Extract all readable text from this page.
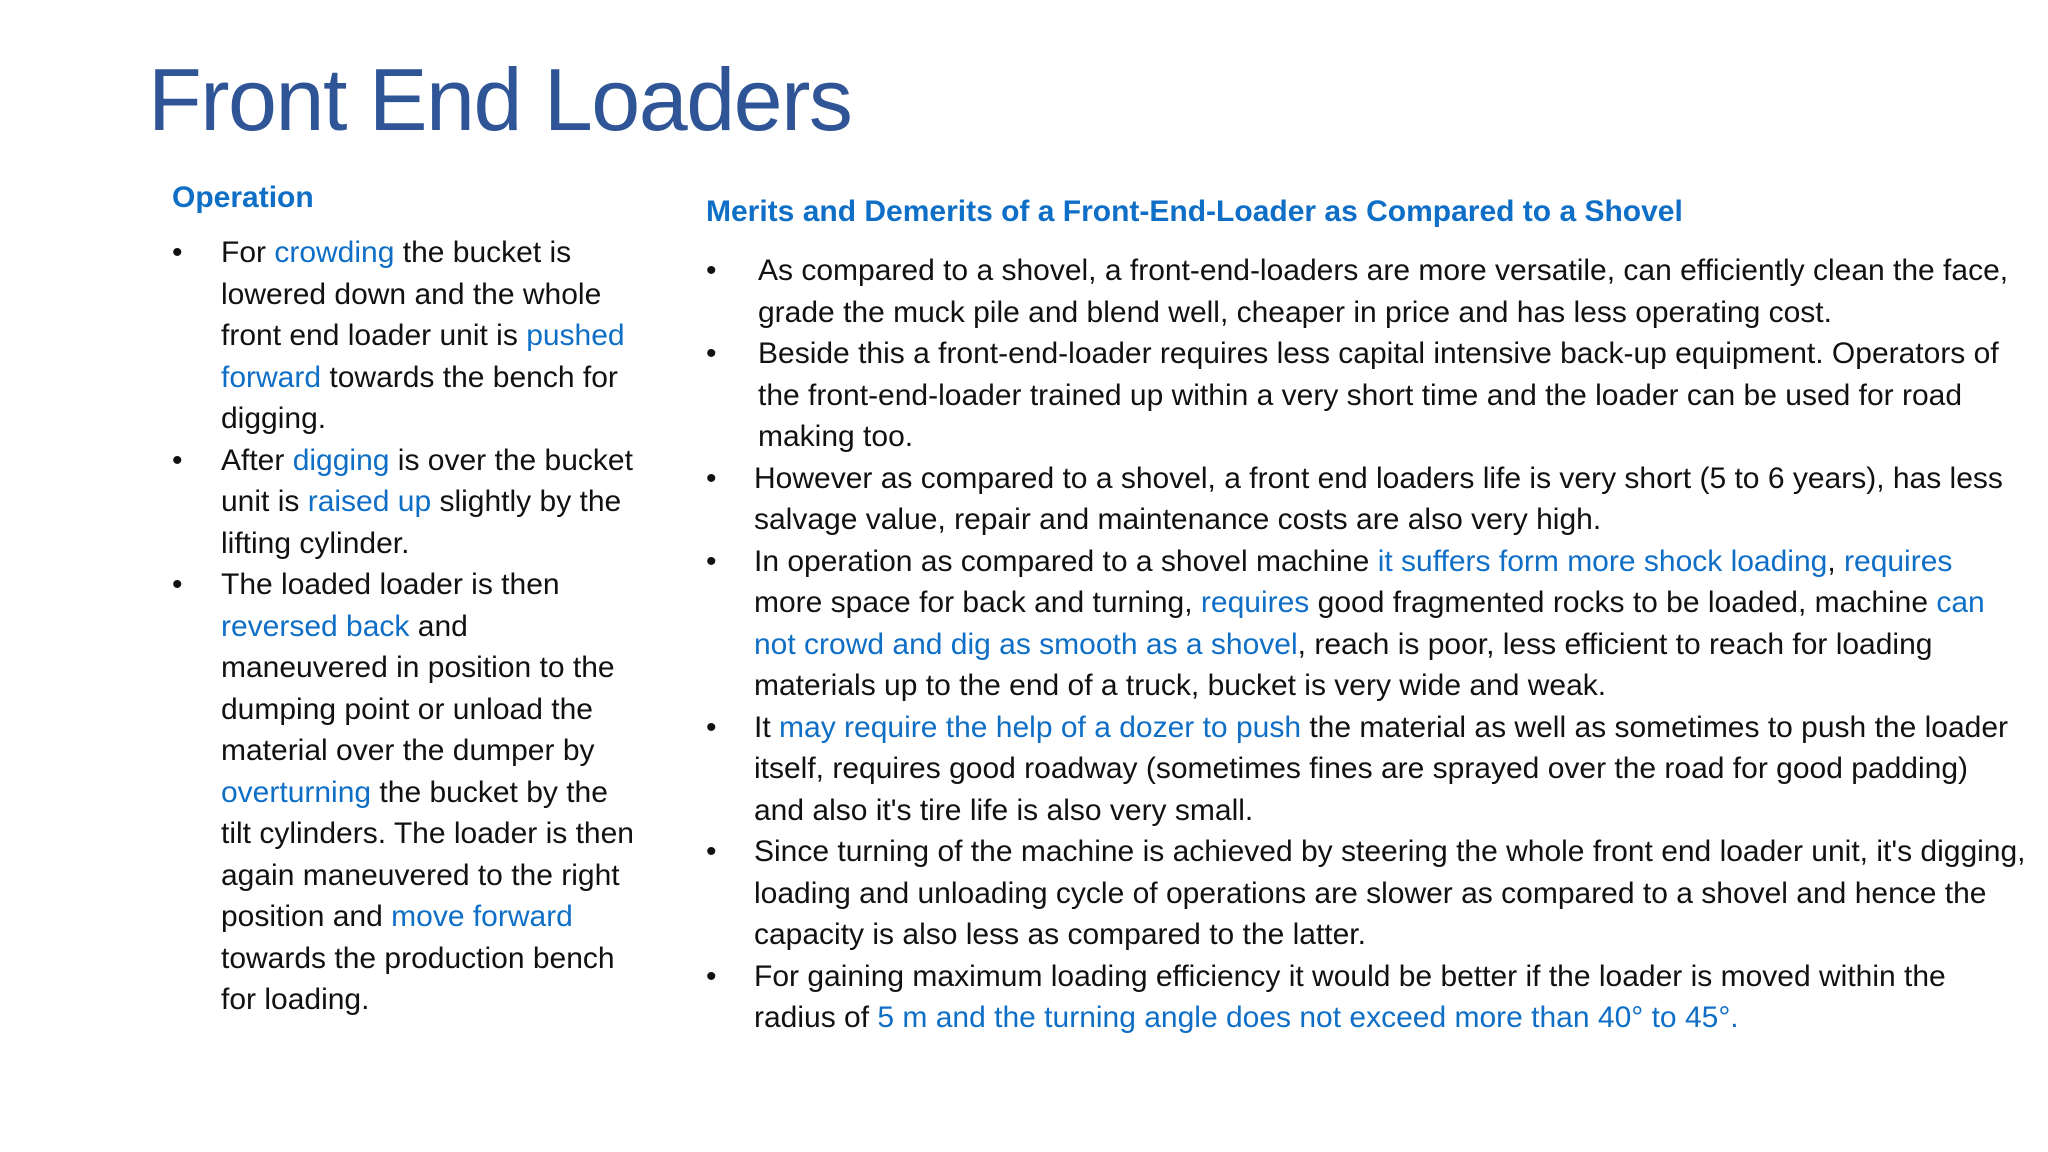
Front End Loaders
Operation
• For crowding the bucket is lowered down and the whole front end loader unit is pushed forward towards the bench for digging.
• After digging is over the bucket unit is raised up slightly by the lifting cylinder.
• The loaded loader is then reversed back and maneuvered in position to the dumping point or unload the material over the dumper by overturning the bucket by the tilt cylinders. The loader is then again maneuvered to the right position and move forward towards the production bench for loading.
Merits and Demerits of a Front-End-Loader as Compared to a Shovel
• As compared to a shovel, a front-end-loaders are more versatile, can efficiently clean the face, grade the muck pile and blend well, cheaper in price and has less operating cost.
• Beside this a front-end-loader requires less capital intensive back-up equipment. Operators of the front-end-loader trained up within a very short time and the loader can be used for road making too.
• However as compared to a shovel, a front end loaders life is very short (5 to 6 years), has less salvage value, repair and maintenance costs are also very high.
• In operation as compared to a shovel machine it suffers form more shock loading, requires more space for back and turning, requires good fragmented rocks to be loaded, machine can not crowd and dig as smooth as a shovel, reach is poor, less efficient to reach for loading materials up to the end of a truck, bucket is very wide and weak.
• It may require the help of a dozer to push the material as well as sometimes to push the loader itself, requires good roadway (sometimes fines are sprayed over the road for good padding) and also it's tire life is also very small.
• Since turning of the machine is achieved by steering the whole front end loader unit, it's digging, loading and unloading cycle of operations are slower as compared to a shovel and hence the capacity is also less as compared to the latter.
• For gaining maximum loading efficiency it would be better if the loader is moved within the radius of 5 m and the turning angle does not exceed more than 40° to 45°.
